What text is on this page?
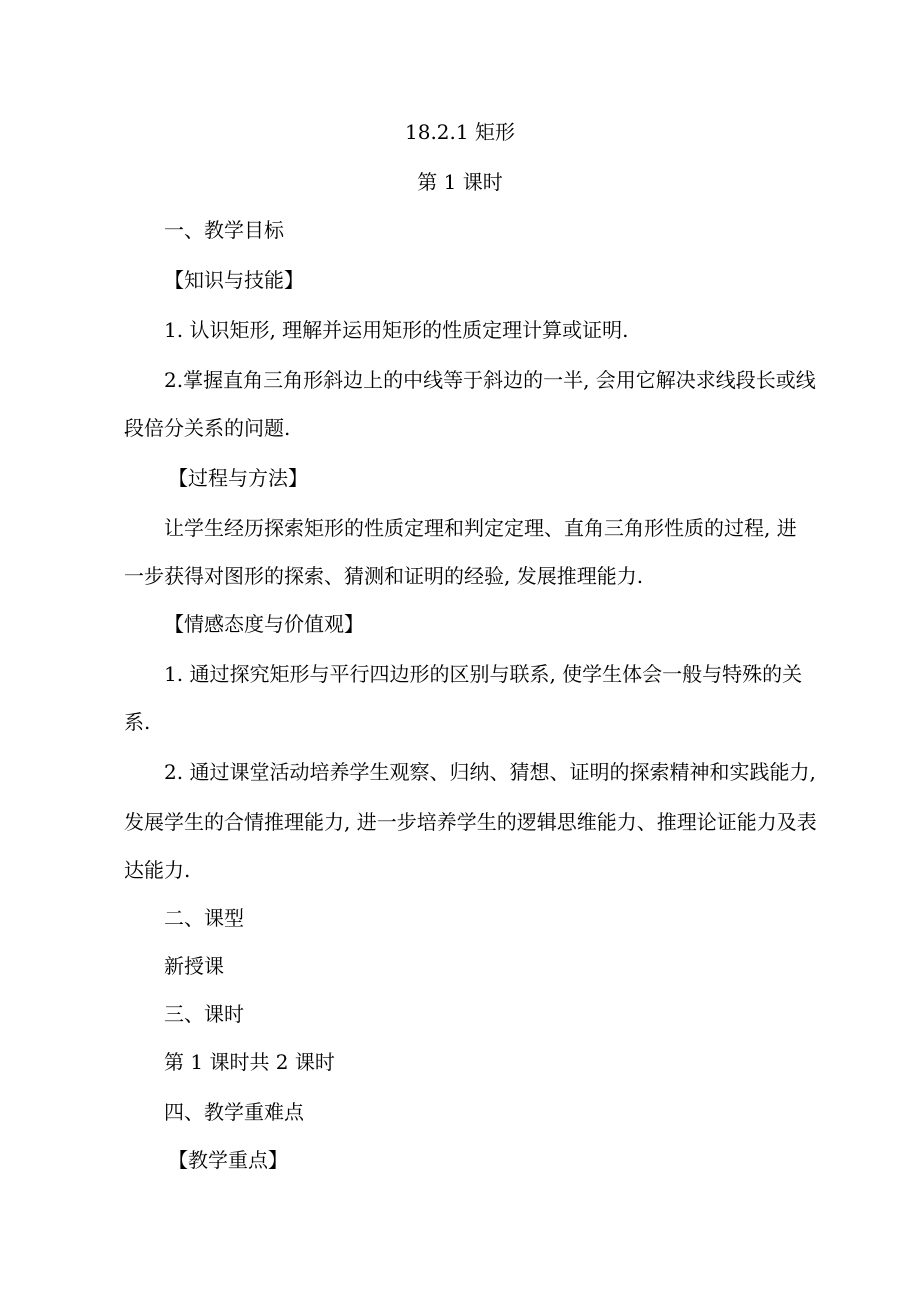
18.2.1 矩形
第 1 课时
一、教学目标
【知识与技能】
1. 认识矩形, 理解并运用矩形的性质定理计算或证明.
2.掌握直角三角形斜边上的中线等于斜边的一半, 会用它解决求线段长或线
段倍分关系的问题.
【过程与方法】
让学生经历探索矩形的性质定理和判定定理、直角三角形性质的过程, 进
一步获得对图形的探索、猜测和证明的经验, 发展推理能力.
【情感态度与价值观】
1. 通过探究矩形与平行四边形的区别与联系, 使学生体会一般与特殊的关
系.
2. 通过课堂活动培养学生观察、归纳、猜想、证明的探索精神和实践能力,
发展学生的合情推理能力, 进一步培养学生的逻辑思维能力、推理论证能力及表
达能力.
二、课型
新授课
三、课时
第 1 课时共 2 课时
四、教学重难点
【教学重点】
